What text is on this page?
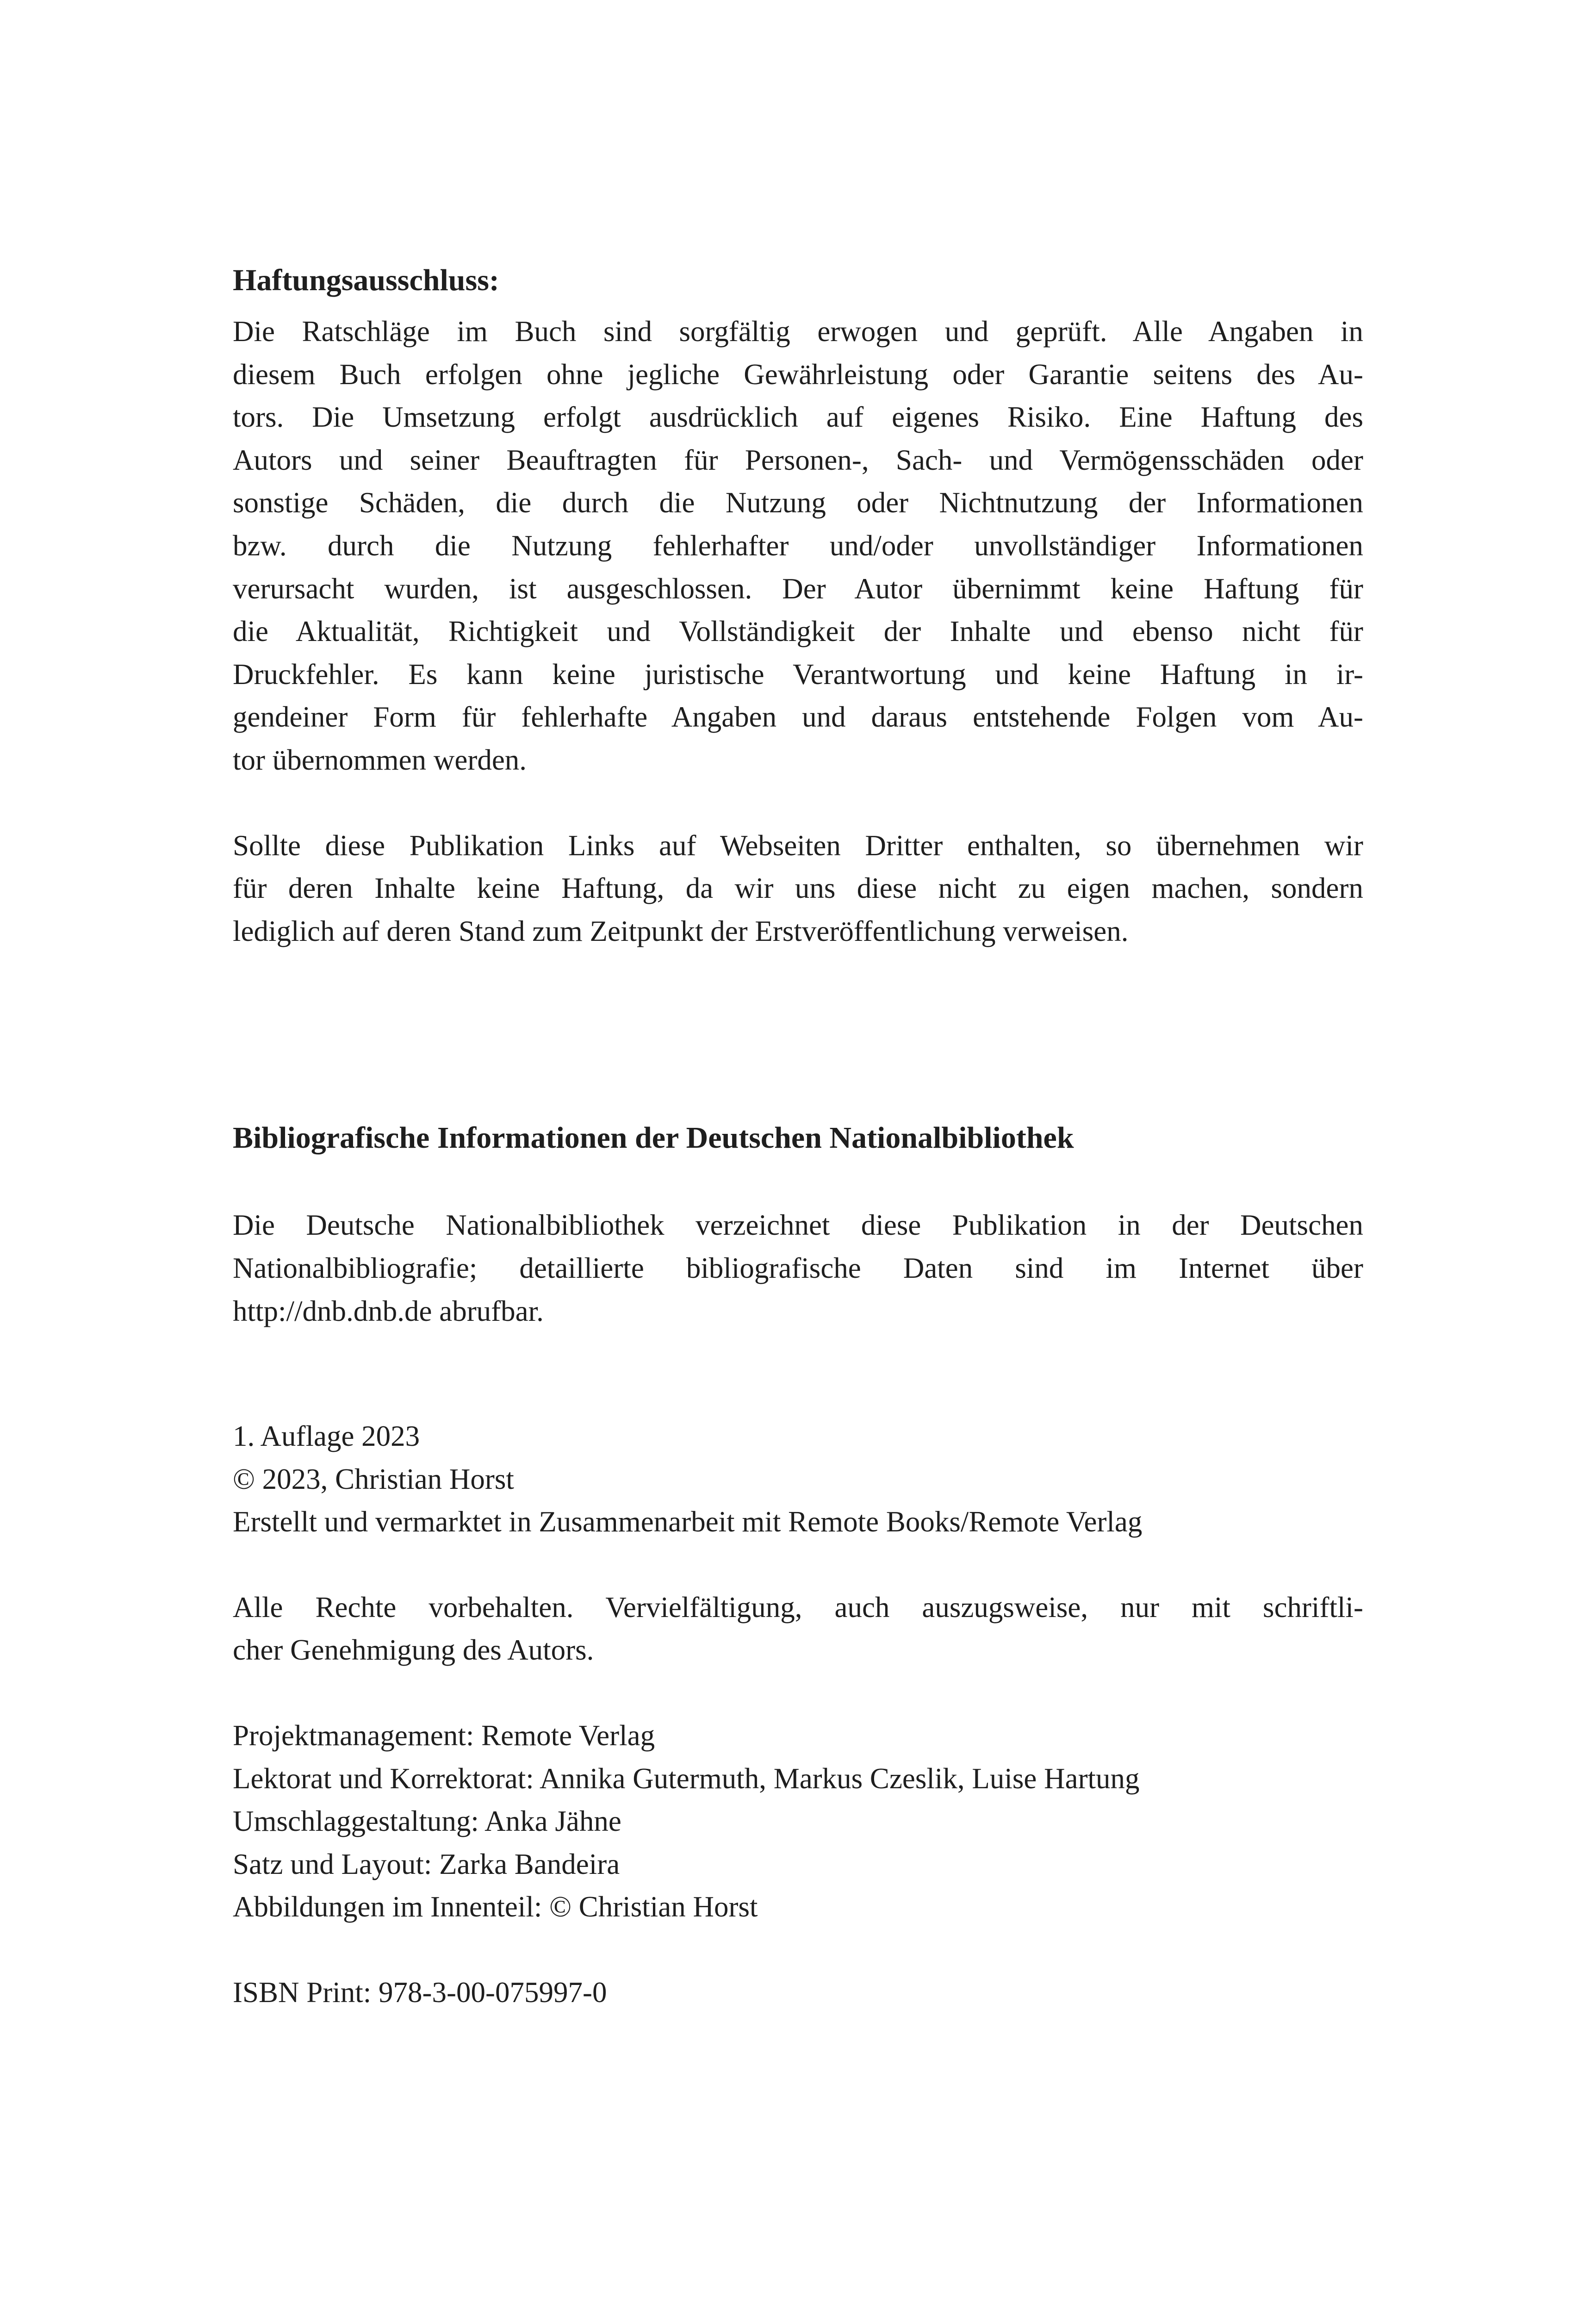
Haftungsausschluss:
Die Ratschläge im Buch sind sorgfältig erwogen und geprüft. Alle Angaben in
diesem Buch erfolgen ohne jegliche Gewährleistung oder Garantie seitens des Au-
tors. Die Umsetzung erfolgt ausdrücklich auf eigenes Risiko. Eine Haftung des
Autors und seiner Beauftragten für Personen-, Sach- und Vermögensschäden oder
sonstige Schäden, die durch die Nutzung oder Nichtnutzung der Informationen
bzw. durch die Nutzung fehlerhafter und/oder unvollständiger Informationen
verursacht wurden, ist ausgeschlossen. Der Autor übernimmt keine Haftung für
die Aktualität, Richtigkeit und Vollständigkeit der Inhalte und ebenso nicht für
Druckfehler. Es kann keine juristische Verantwortung und keine Haftung in ir-
gendeiner Form für fehlerhafte Angaben und daraus entstehende Folgen vom Au-
tor übernommen werden.
Sollte diese Publikation Links auf Webseiten Dritter enthalten, so übernehmen wir
für deren Inhalte keine Haftung, da wir uns diese nicht zu eigen machen, sondern
lediglich auf deren Stand zum Zeitpunkt der Erstveröffentlichung verweisen.
Bibliografische Informationen der Deutschen Nationalbibliothek
Die Deutsche Nationalbibliothek verzeichnet diese Publikation in der Deutschen
Nationalbibliografie; detaillierte bibliografische Daten sind im Internet über
http://dnb.dnb.de abrufbar.
1. Auflage 2023
© 2023, Christian Horst
Erstellt und vermarktet in Zusammenarbeit mit Remote Books/Remote Verlag
Alle Rechte vorbehalten. Vervielfältigung, auch auszugsweise, nur mit schriftli-
cher Genehmigung des Autors.
Projektmanagement: Remote Verlag
Lektorat und Korrektorat: Annika Gutermuth, Markus Czeslik, Luise Hartung
Umschlaggestaltung: Anka Jähne
Satz und Layout: Zarka Bandeira
Abbildungen im Innenteil: © Christian Horst
ISBN Print: 978-3-00-075997-0
